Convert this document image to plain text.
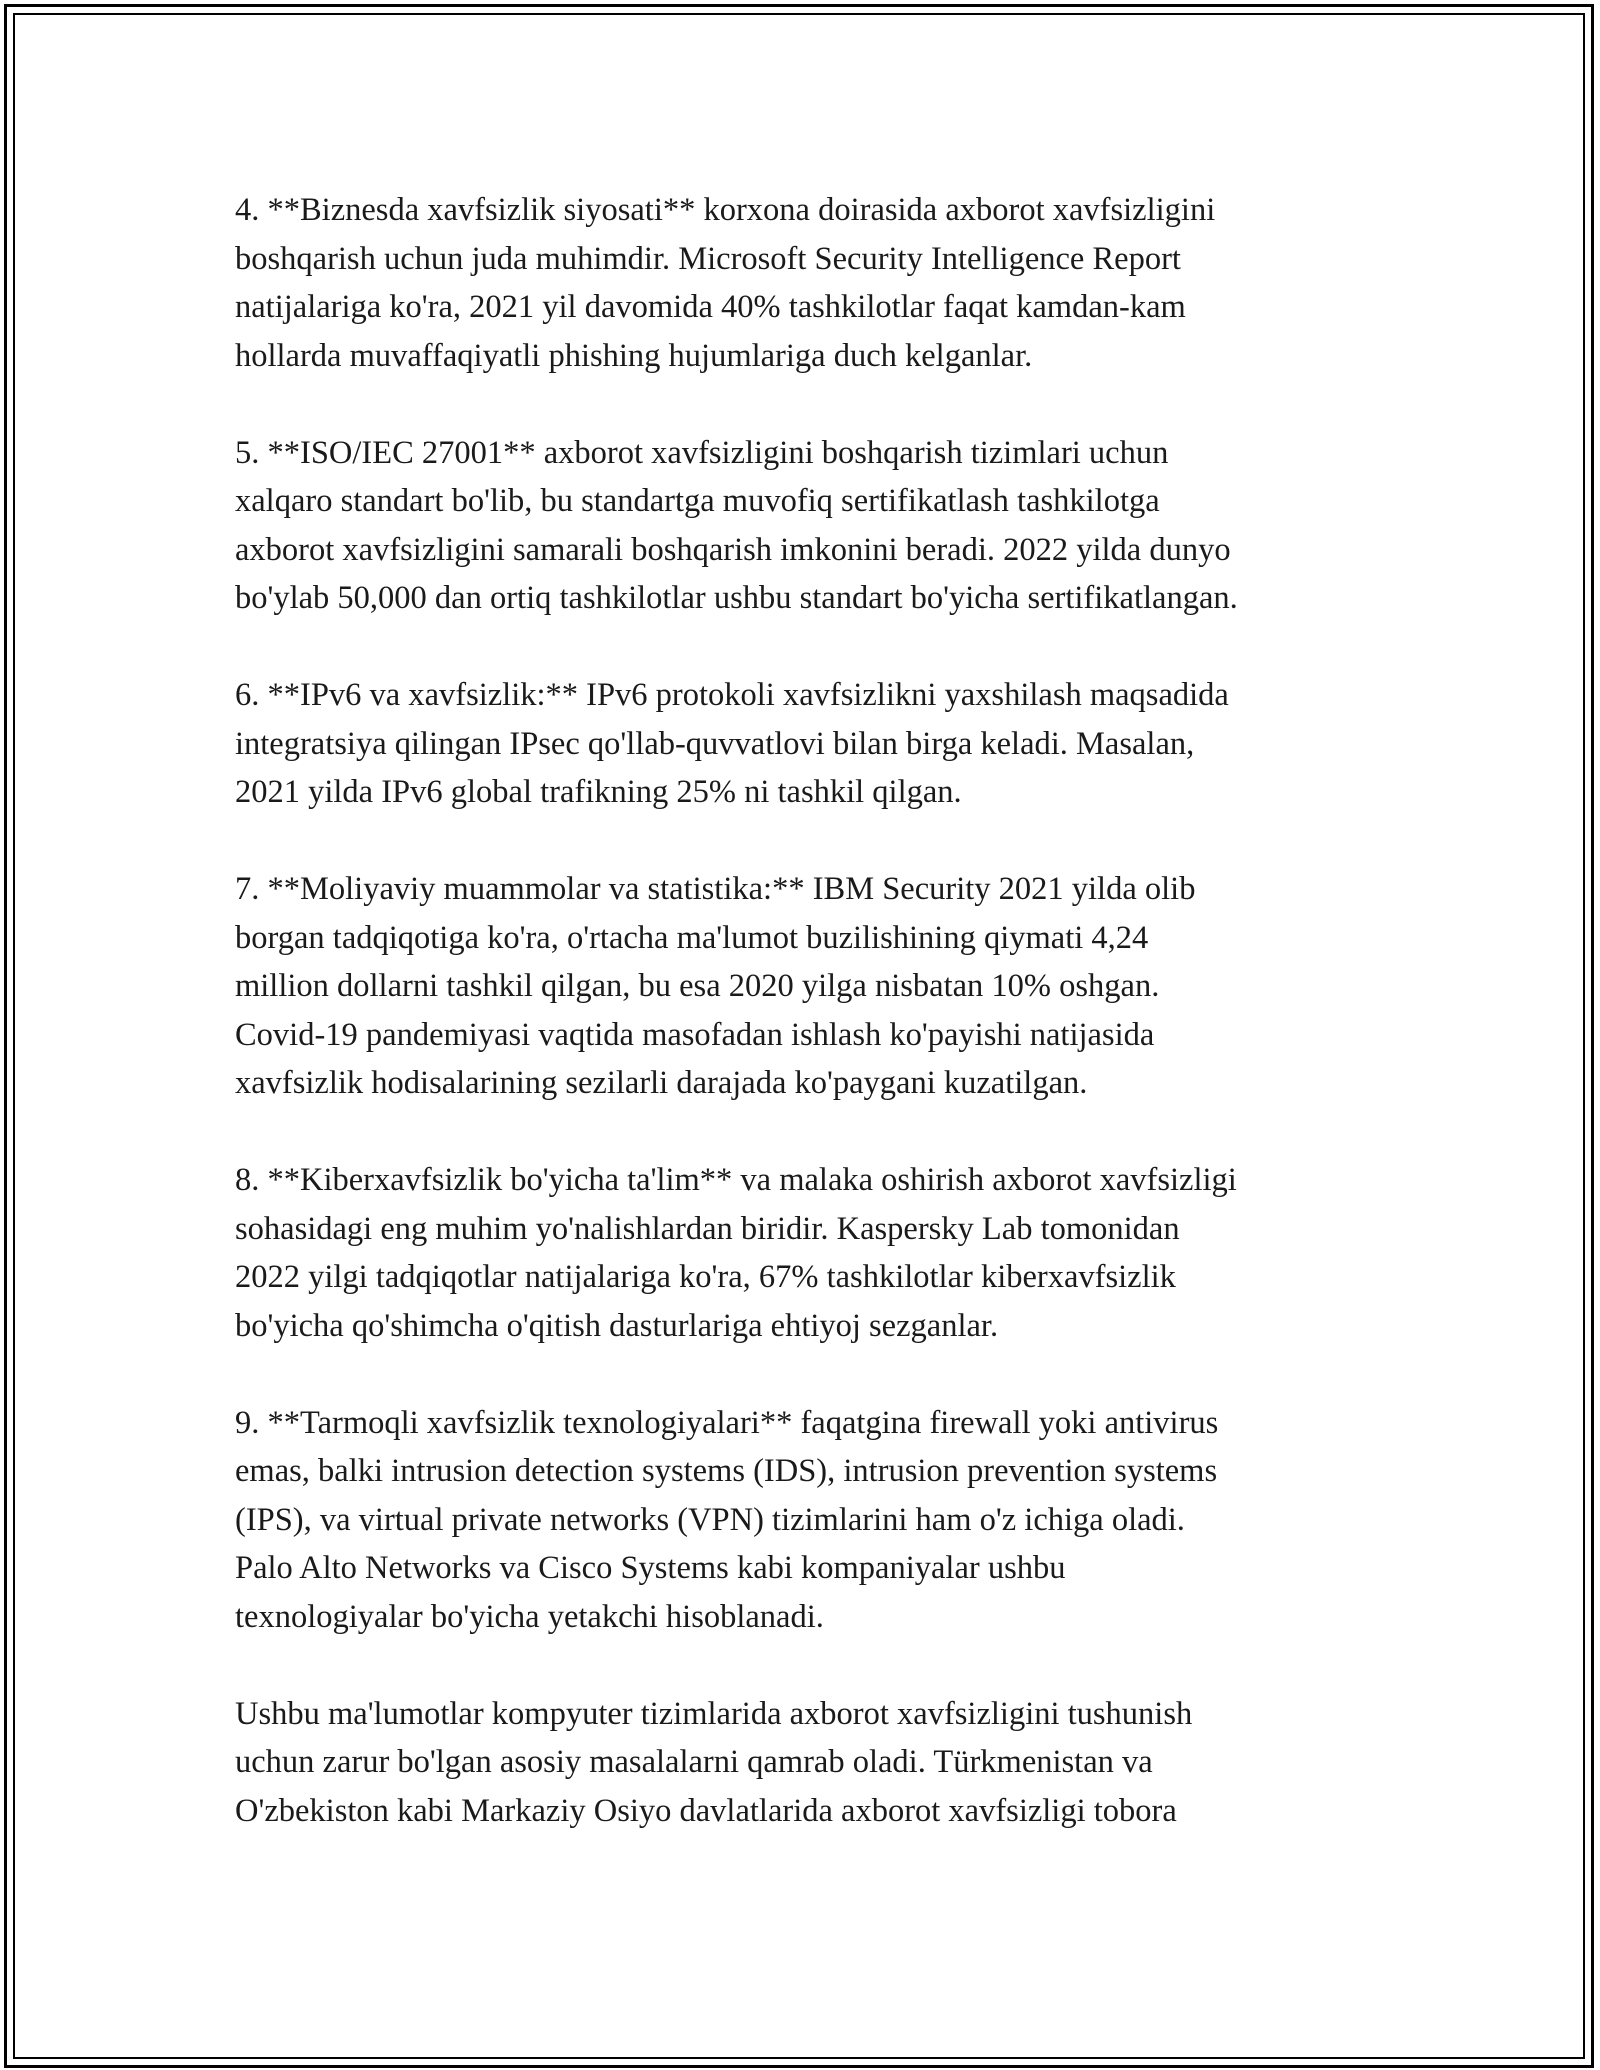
4. **Biznesda xavfsizlik siyosati** korxona doirasida axborot xavfsizligini
boshqarish uchun juda muhimdir. Microsoft Security Intelligence Report
natijalariga ko'ra, 2021 yil davomida 40% tashkilotlar faqat kamdan-kam
hollarda muvaffaqiyatli phishing hujumlariga duch kelganlar.

5. **ISO/IEC 27001** axborot xavfsizligini boshqarish tizimlari uchun
xalqaro standart bo'lib, bu standartga muvofiq sertifikatlash tashkilotga
axborot xavfsizligini samarali boshqarish imkonini beradi. 2022 yilda dunyo
bo'ylab 50,000 dan ortiq tashkilotlar ushbu standart bo'yicha sertifikatlangan.

6. **IPv6 va xavfsizlik:** IPv6 protokoli xavfsizlikni yaxshilash maqsadida
integratsiya qilingan IPsec qo'llab-quvvatlovi bilan birga keladi. Masalan,
2021 yilda IPv6 global trafikning 25% ni tashkil qilgan.

7. **Moliyaviy muammolar va statistika:** IBM Security 2021 yilda olib
borgan tadqiqotiga ko'ra, o'rtacha ma'lumot buzilishining qiymati 4,24
million dollarni tashkil qilgan, bu esa 2020 yilga nisbatan 10% oshgan.
Covid-19 pandemiyasi vaqtida masofadan ishlash ko'payishi natijasida
xavfsizlik hodisalarining sezilarli darajada ko'paygani kuzatilgan.

8. **Kiberxavfsizlik bo'yicha ta'lim** va malaka oshirish axborot xavfsizligi
sohasidagi eng muhim yo'nalishlardan biridir. Kaspersky Lab tomonidan
2022 yilgi tadqiqotlar natijalariga ko'ra, 67% tashkilotlar kiberxavfsizlik
bo'yicha qo'shimcha o'qitish dasturlariga ehtiyoj sezganlar.

9. **Tarmoqli xavfsizlik texnologiyalari** faqatgina firewall yoki antivirus
emas, balki intrusion detection systems (IDS), intrusion prevention systems
(IPS), va virtual private networks (VPN) tizimlarini ham o'z ichiga oladi.
Palo Alto Networks va Cisco Systems kabi kompaniyalar ushbu
texnologiyalar bo'yicha yetakchi hisoblanadi.

Ushbu ma'lumotlar kompyuter tizimlarida axborot xavfsizligini tushunish
uchun zarur bo'lgan asosiy masalalarni qamrab oladi. Türkmenistan va
O'zbekiston kabi Markaziy Osiyo davlatlarida axborot xavfsizligi tobora
